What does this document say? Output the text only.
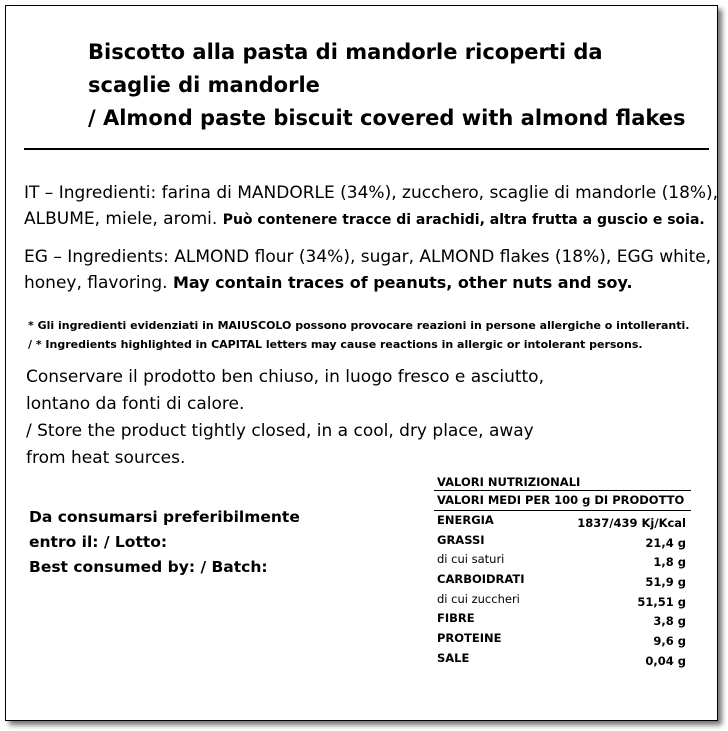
Biscotto alla pasta di mandorle ricoperti da
scaglie di mandorle
/ Almond paste biscuit covered with almond flakes
IT – Ingredienti: farina di MANDORLE (34%), zucchero, scaglie di mandorle (18%), ALBUME, miele, aromi. Può contenere tracce di arachidi, altra frutta a guscio e soia.
EG – Ingredients: ALMOND flour (34%), sugar, ALMOND flakes (18%), EGG white, honey, flavoring. May contain traces of peanuts, other nuts and soy.
* Gli ingredienti evidenziati in MAIUSCOLO possono provocare reazioni in persone allergiche o intolleranti.
/ * Ingredients highlighted in CAPITAL letters may cause reactions in allergic or intolerant persons.
Conservare il prodotto ben chiuso, in luogo fresco e asciutto,
lontano da fonti di calore.
/ Store the product tightly closed, in a cool, dry place, away
from heat sources.
Da consumarsi preferibilmente
entro il: / Lotto:
Best consumed by: / Batch:
VALORI NUTRIZIONALI
VALORI MEDI PER 100 g DI PRODOTTO
ENERGIA	1837/439 Kj/Kcal
GRASSI	21,4 g
di cui saturi	1,8 g
CARBOIDRATI	51,9 g
di cui zuccheri	51,51 g
FIBRE	3,8 g
PROTEINE	9,6 g
SALE	0,04 g
